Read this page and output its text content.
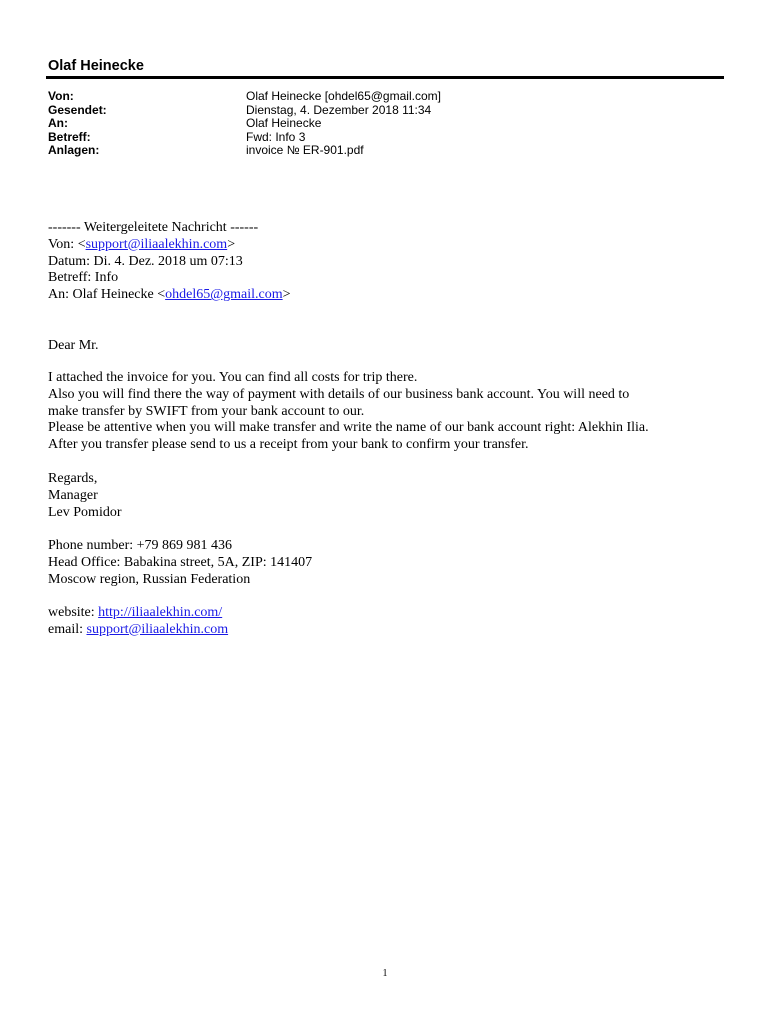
Olaf Heinecke
Von:	Olaf Heinecke [ohdel65@gmail.com]
Gesendet:	Dienstag, 4. Dezember 2018 11:34
An:	Olaf Heinecke
Betreff:	Fwd: Info 3
Anlagen:	invoice № ER-901.pdf
------- Weitergeleitete Nachricht ------
Von: <support@iliaalekhin.com>
Datum: Di. 4. Dez. 2018 um 07:13
Betreff: Info
An: Olaf Heinecke <ohdel65@gmail.com>
Dear Mr.
I attached the invoice for you. You can find all costs for trip there.
Also you will find there the way of payment with details of our business bank account. You will need to
make transfer by SWIFT from your bank account to our.
Please be attentive when you will make transfer and write the name of our bank account right: Alekhin Ilia.
After you transfer please send to us a receipt from your bank to confirm your transfer.
Regards,
Manager
Lev Pomidor
Phone number: +79 869 981 436
Head Office: Babakina street, 5A, ZIP: 141407
Moscow region, Russian Federation
website: http://iliaalekhin.com/
email: support@iliaalekhin.com
1
